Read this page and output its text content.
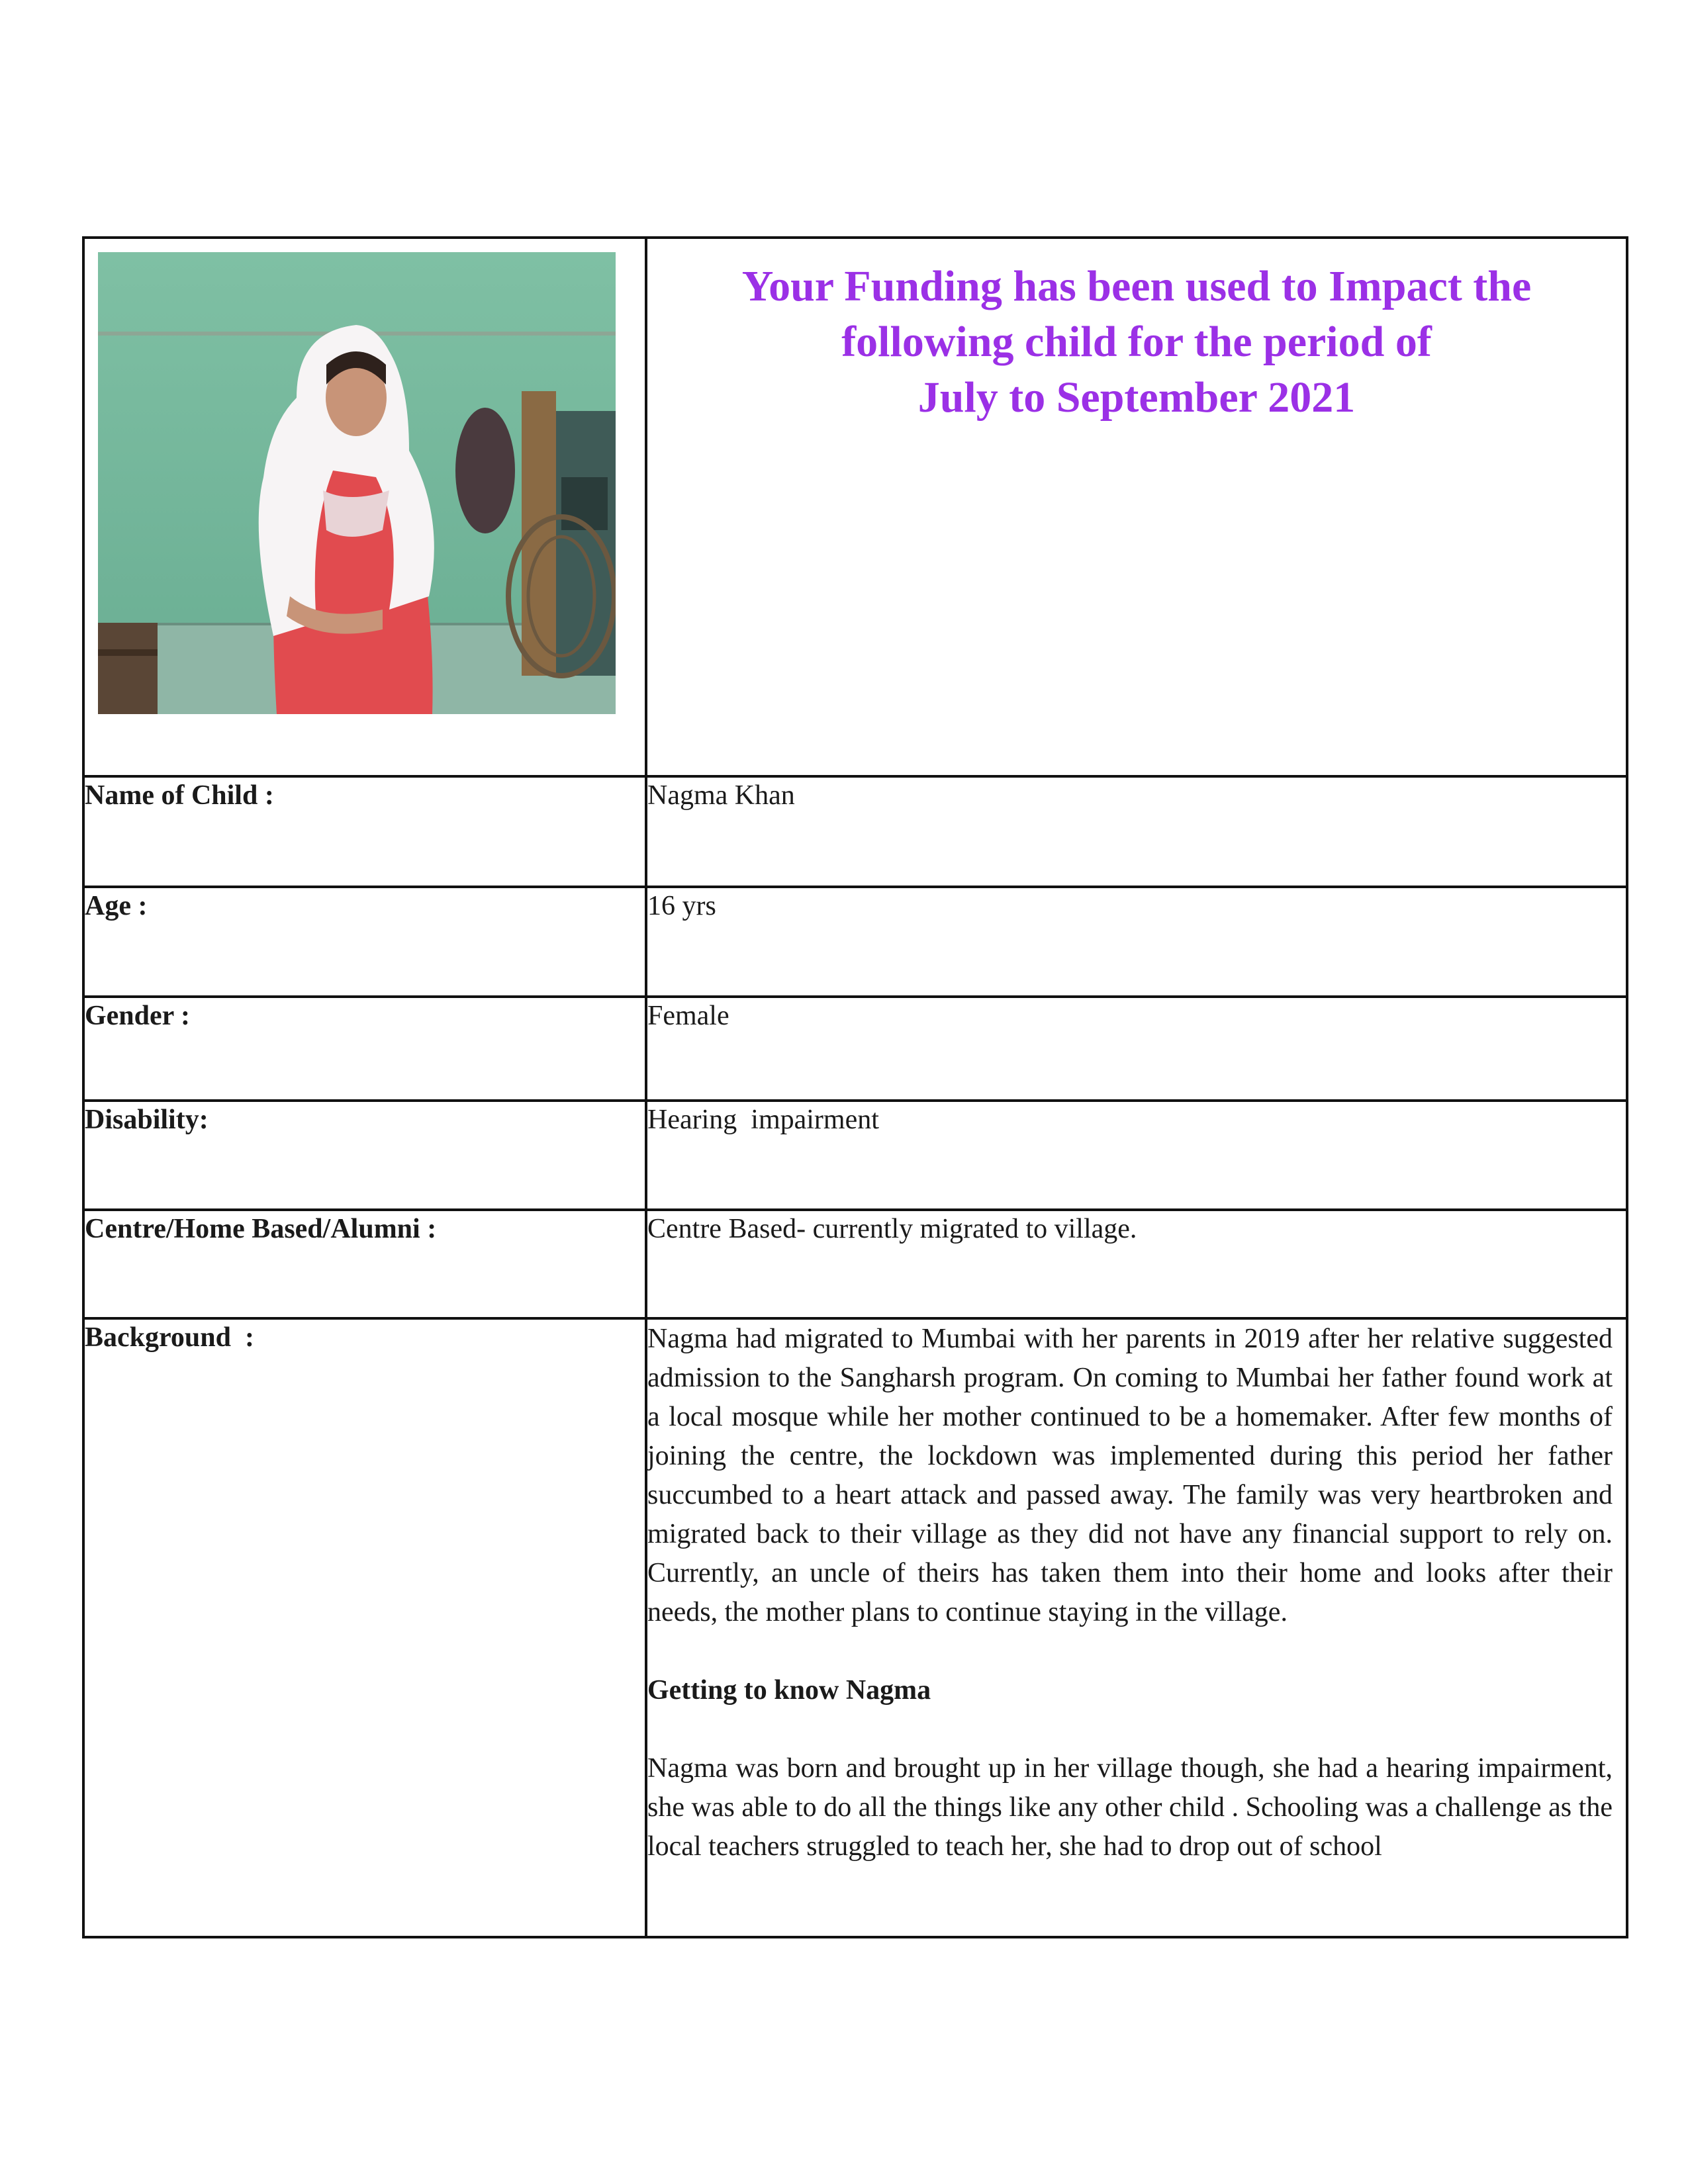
Your Funding has been used to Impact the
following child for the period of
July to September 2021

Name of Child :	Nagma Khan
Age :	16 yrs
Gender :	Female
Disability:	Hearing  impairment
Centre/Home Based/Alumni :	Centre Based- currently migrated to village.
Background  :	Nagma had migrated to Mumbai with her parents in 2019 after her relative suggested admission to the Sangharsh program. On coming to Mumbai her father found work at a local mosque while her mother continued to be a homemaker. After few months of joining the centre, the lockdown was implemented during this period her father succumbed to a heart attack and passed away. The family was very heartbroken and migrated back to their village as they did not have any financial support to rely on. Currently, an uncle of theirs has taken them into their home and looks after their needs, the mother plans to continue staying in the village.

Getting to know Nagma

Nagma was born and brought up in her village though, she had a hearing impairment, she was able to do all the things like any other child . Schooling was a challenge as the local teachers struggled to teach her, she had to drop out of school
